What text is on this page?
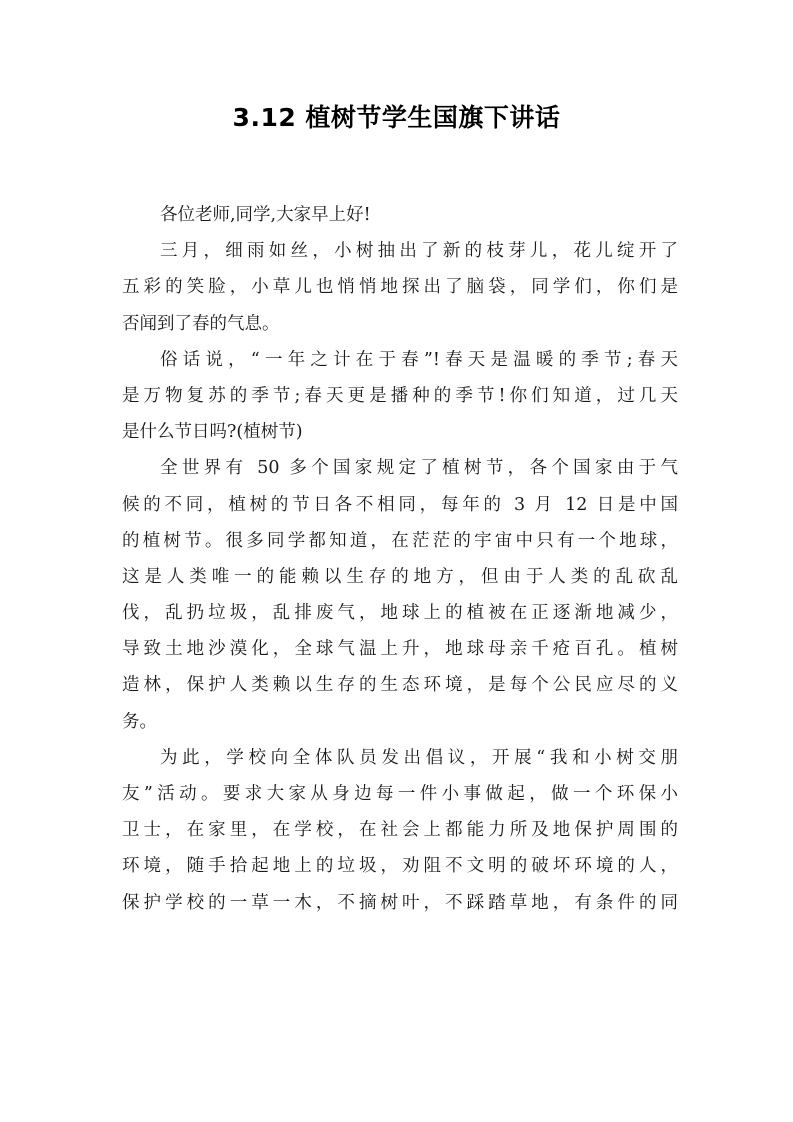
3.12 植树节学生国旗下讲话
各位老师,同学,大家早上好!
三月，细雨如丝，小树抽出了新的枝芽儿，花儿绽开了
五彩的笑脸，小草儿也悄悄地探出了脑袋，同学们，你们是
否闻到了春的气息。
俗话说，“一年之计在于春”!春天是温暖的季节;春天
是万物复苏的季节;春天更是播种的季节!你们知道，过几天
是什么节日吗?(植树节)
全世界有 50 多个国家规定了植树节，各个国家由于气
候的不同，植树的节日各不相同，每年的 3 月 12 日是中国
的植树节。很多同学都知道，在茫茫的宇宙中只有一个地球，
这是人类唯一的能赖以生存的地方，但由于人类的乱砍乱
伐，乱扔垃圾，乱排废气，地球上的植被在正逐渐地减少，
导致土地沙漠化，全球气温上升，地球母亲千疮百孔。植树
造林，保护人类赖以生存的生态环境，是每个公民应尽的义
务。
为此，学校向全体队员发出倡议，开展“我和小树交朋
友”活动。要求大家从身边每一件小事做起，做一个环保小
卫士，在家里，在学校，在社会上都能力所及地保护周围的
环境，随手拾起地上的垃圾，劝阻不文明的破坏环境的人，
保护学校的一草一木，不摘树叶，不踩踏草地，有条件的同
